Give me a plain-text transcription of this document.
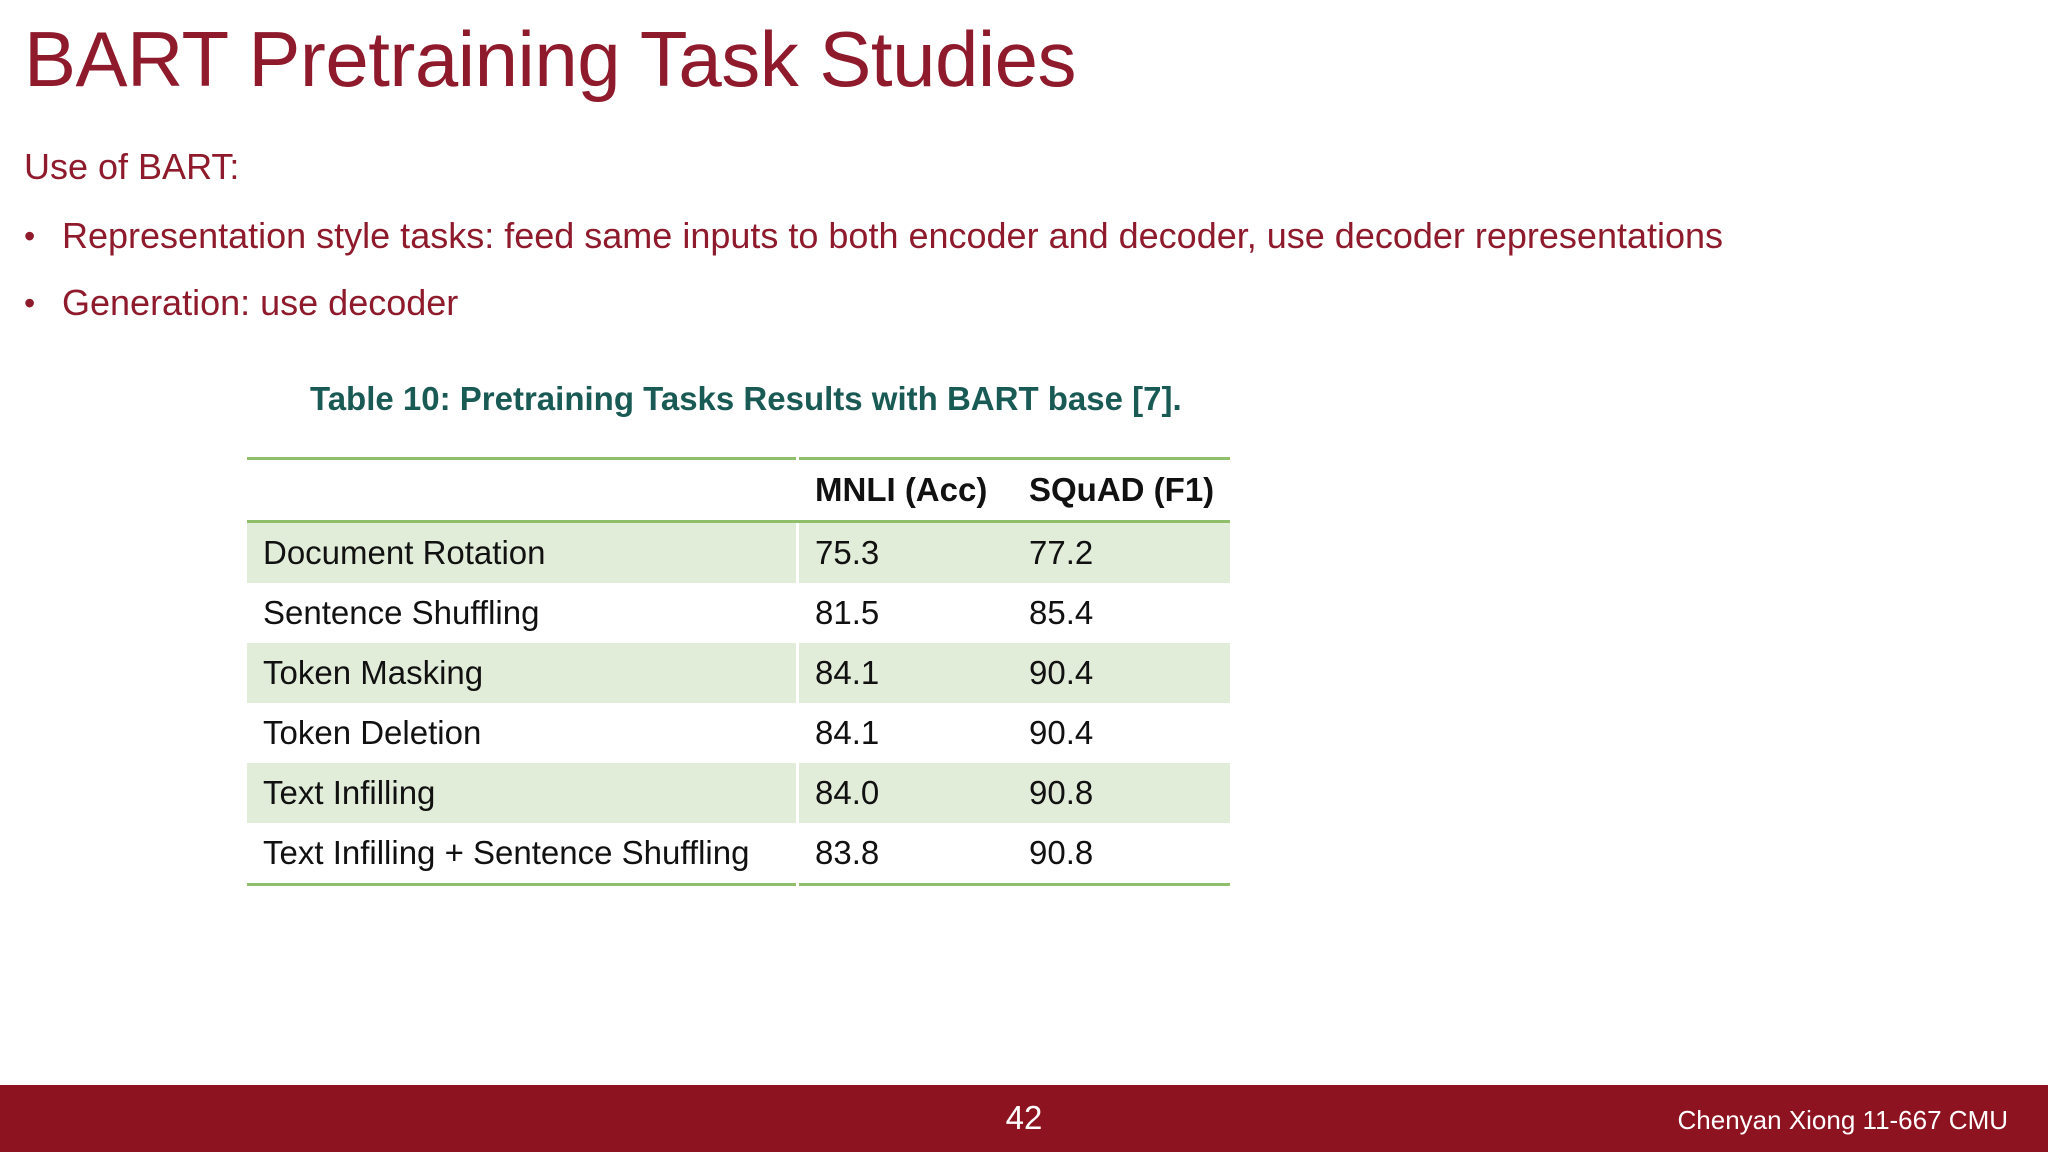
BART Pretraining Task Studies
Use of BART:
• Representation style tasks: feed same inputs to both encoder and decoder, use decoder representations
• Generation: use decoder
Table 10: Pretraining Tasks Results with BART base [7].
	MNLI (Acc)	SQuAD (F1)
Document Rotation	75.3	77.2
Sentence Shuffling	81.5	85.4
Token Masking	84.1	90.4
Token Deletion	84.1	90.4
Text Infilling	84.0	90.8
Text Infilling + Sentence Shuffling	83.8	90.8
42	Chenyan Xiong 11-667 CMU
